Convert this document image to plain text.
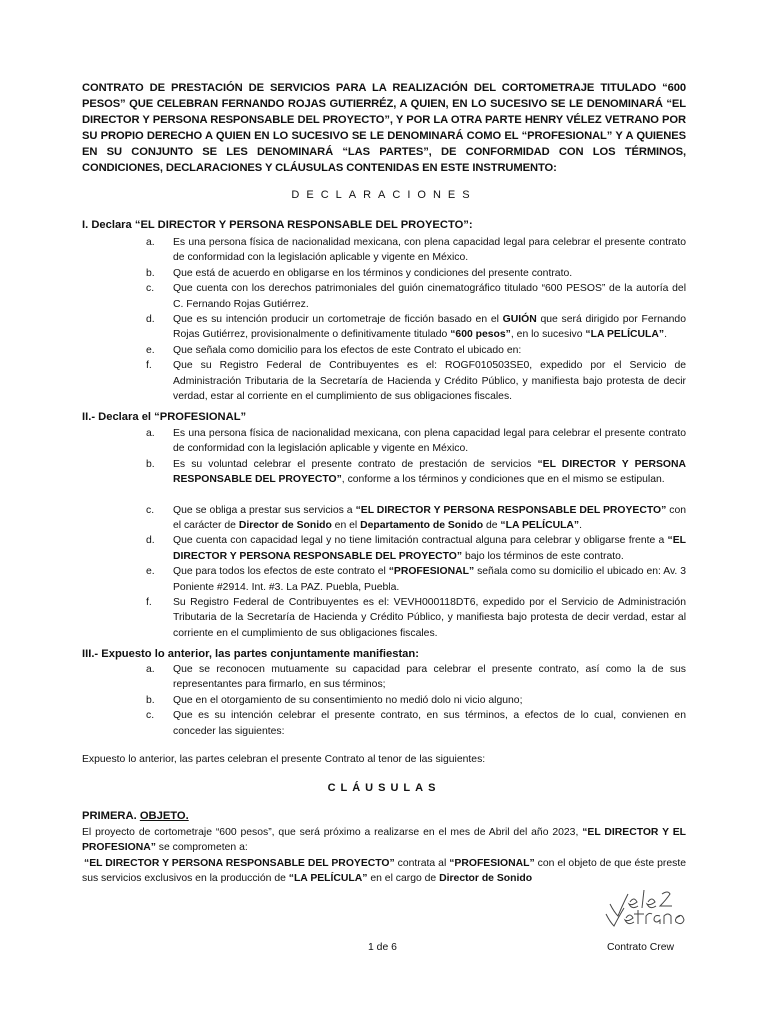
CONTRATO DE PRESTACIÓN DE SERVICIOS PARA LA REALIZACIÓN DEL CORTOMETRAJE TITULADO “600 PESOS” QUE CELEBRAN FERNANDO ROJAS GUTIERRÉZ, A QUIEN, EN LO SUCESIVO SE LE DENOMINARÁ “EL DIRECTOR Y PERSONA RESPONSABLE DEL PROYECTO”, Y POR LA OTRA PARTE HENRY VÉLEZ VETRANO POR SU PROPIO DERECHO A QUIEN EN LO SUCESIVO SE LE DENOMINARÁ COMO EL “PROFESIONAL” Y A QUIENES EN SU CONJUNTO SE LES DENOMINARÁ “LAS PARTES”, DE CONFORMIDAD CON LOS TÉRMINOS, CONDICIONES, DECLARACIONES Y CLÁUSULAS CONTENIDAS EN ESTE INSTRUMENTO:
DECLARACIONES
I. Declara “EL DIRECTOR Y PERSONA RESPONSABLE DEL PROYECTO”:
a. Es una persona física de nacionalidad mexicana, con plena capacidad legal para celebrar el presente contrato de conformidad con la legislación aplicable y vigente en México.
b. Que está de acuerdo en obligarse en los términos y condiciones del presente contrato.
c. Que cuenta con los derechos patrimoniales del guión cinematográfico titulado “600 PESOS” de la autoría del C. Fernando Rojas Gutiérrez.
d. Que es su intención producir un cortometraje de ficción basado en el GUIÓN que será dirigido por Fernando Rojas Gutiérrez, provisionalmente o definitivamente titulado “600 pesos”, en lo sucesivo “LA PELÍCULA”.
e. Que señala como domicilio para los efectos de este Contrato el ubicado en:
f. Que su Registro Federal de Contribuyentes es el: ROGF010503SE0, expedido por el Servicio de Administración Tributaria de la Secretaría de Hacienda y Crédito Público, y manifiesta bajo protesta de decir verdad, estar al corriente en el cumplimiento de sus obligaciones fiscales.
II.- Declara el “PROFESIONAL”
a. Es una persona física de nacionalidad mexicana, con plena capacidad legal para celebrar el presente contrato de conformidad con la legislación aplicable y vigente en México.
b. Es su voluntad celebrar el presente contrato de prestación de servicios “EL DIRECTOR Y PERSONA RESPONSABLE DEL PROYECTO”, conforme a los términos y condiciones que en el mismo se estipulan.
c. Que se obliga a prestar sus servicios a “EL DIRECTOR Y PERSONA RESPONSABLE DEL PROYECTO” con el carácter de Director de Sonido en el Departamento de Sonido de “LA PELÍCULA”.
d. Que cuenta con capacidad legal y no tiene limitación contractual alguna para celebrar y obligarse frente a “EL DIRECTOR Y PERSONA RESPONSABLE DEL PROYECTO” bajo los términos de este contrato.
e. Que para todos los efectos de este contrato el “PROFESIONAL” señala como su domicilio el ubicado en: Av. 3 Poniente #2914. Int. #3. La PAZ. Puebla, Puebla.
f. Su Registro Federal de Contribuyentes es el: VEVH000118DT6, expedido por el Servicio de Administración Tributaria de la Secretaría de Hacienda y Crédito Público, y manifiesta bajo protesta de decir verdad, estar al corriente en el cumplimiento de sus obligaciones fiscales.
III.- Expuesto lo anterior, las partes conjuntamente manifiestan:
a. Que se reconocen mutuamente su capacidad para celebrar el presente contrato, así como la de sus representantes para firmarlo, en sus términos;
b. Que en el otorgamiento de su consentimiento no medió dolo ni vicio alguno;
c. Que es su intención celebrar el presente contrato, en sus términos, a efectos de lo cual, convienen en conceder las siguientes:
Expuesto lo anterior, las partes celebran el presente Contrato al tenor de las siguientes:
CLÁUSULAS
PRIMERA. OBJETO.
El proyecto de cortometraje “600 pesos”, que será próximo a realizarse en el mes de Abril del año 2023, “EL DIRECTOR Y EL PROFESIONA” se comprometen a:
“EL DIRECTOR Y PERSONA RESPONSABLE DEL PROYECTO” contrata al “PROFESIONAL” con el objeto de que éste preste sus servicios exclusivos en la producción de “LA PELÍCULA” en el cargo de Director de Sonido
1 de 6	Contrato Crew
